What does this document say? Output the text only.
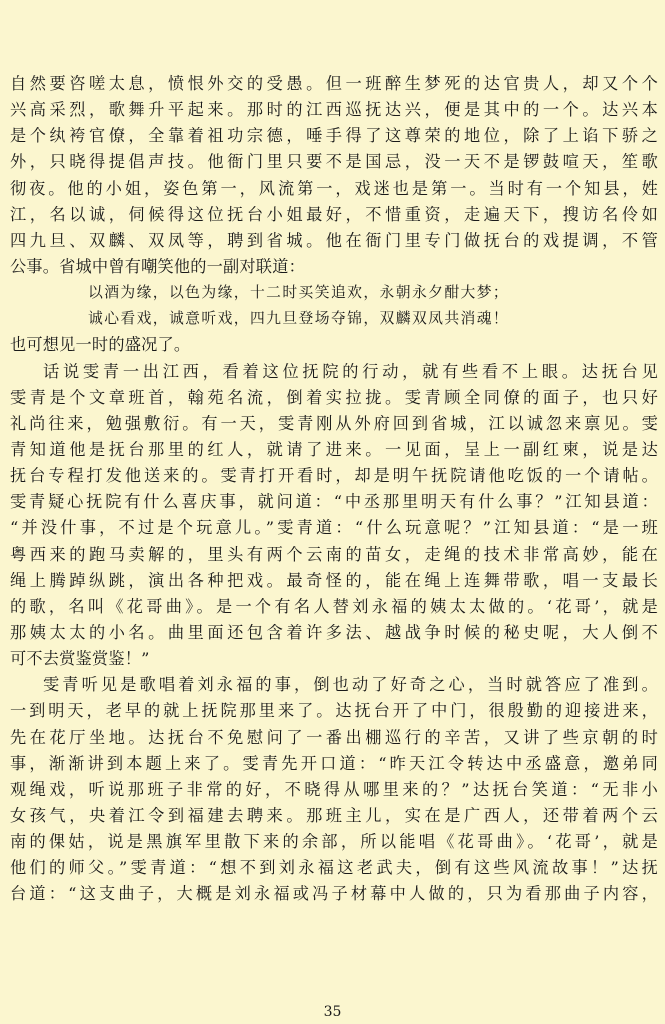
自然要咨嗟太息，愤恨外交的受愚。但一班醉生梦死的达官贵人，却又个个
兴高采烈，歌舞升平起来。那时的江西巡抚达兴，便是其中的一个。达兴本
是个纨袴官僚，全靠着祖功宗德，唾手得了这尊荣的地位，除了上谄下骄之
外，只晓得提倡声技。他衙门里只要不是国忌，没一天不是锣鼓喧天，笙歌
彻夜。他的小姐，姿色第一，风流第一，戏迷也是第一。当时有一个知县，姓
江，名以诚，伺候得这位抚台小姐最好，不惜重资，走遍天下，搜访名伶如
四九旦、双麟、双凤等，聘到省城。他在衙门里专门做抚台的戏提调，不管
公事。省城中曾有嘲笑他的一副对联道：
以酒为缘，以色为缘，十二时买笑追欢，永朝永夕酣大梦；
诚心看戏，诚意听戏，四九旦登场夺锦，双麟双凤共消魂！
也可想见一时的盛况了。
话说雯青一出江西，看着这位抚院的行动，就有些看不上眼。达抚台见
雯青是个文章班首，翰苑名流，倒着实拉拢。雯青顾全同僚的面子，也只好
礼尚往来，勉强敷衍。有一天，雯青刚从外府回到省城，江以诚忽来禀见。雯
青知道他是抚台那里的红人，就请了进来。一见面，呈上一副红柬，说是达
抚台专程打发他送来的。雯青打开看时，却是明午抚院请他吃饭的一个请帖。
雯青疑心抚院有什么喜庆事，就问道：“中丞那里明天有什么事？”江知县道：
“并没什事，不过是个玩意儿。”雯青道：“什么玩意呢？”江知县道：“是一班
粤西来的跑马卖解的，里头有两个云南的苗女，走绳的技术非常高妙，能在
绳上腾踔纵跳，演出各种把戏。最奇怪的，能在绳上连舞带歌，唱一支最长
的歌，名叫《花哥曲》。是一个有名人替刘永福的姨太太做的。‘花哥’，就是
那姨太太的小名。曲里面还包含着许多法、越战争时候的秘史呢，大人倒不
可不去赏鉴赏鉴！”
雯青听见是歌唱着刘永福的事，倒也动了好奇之心，当时就答应了准到。
一到明天，老早的就上抚院那里来了。达抚台开了中门，很殷勤的迎接进来，
先在花厅坐地。达抚台不免慰问了一番出棚巡行的辛苦，又讲了些京朝的时
事，渐渐讲到本题上来了。雯青先开口道：“昨天江令转达中丞盛意，邀弟同
观绳戏，听说那班子非常的好，不晓得从哪里来的？”达抚台笑道：“无非小
女孩气，央着江令到福建去聘来。那班主儿，实在是广西人，还带着两个云
南的倮姑，说是黑旗军里散下来的余部，所以能唱《花哥曲》。‘花哥’，就是
他们的师父。”雯青道：“想不到刘永福这老武夫，倒有这些风流故事！”达抚
台道：“这支曲子，大概是刘永福或冯子材幕中人做的，只为看那曲子内容，
35
